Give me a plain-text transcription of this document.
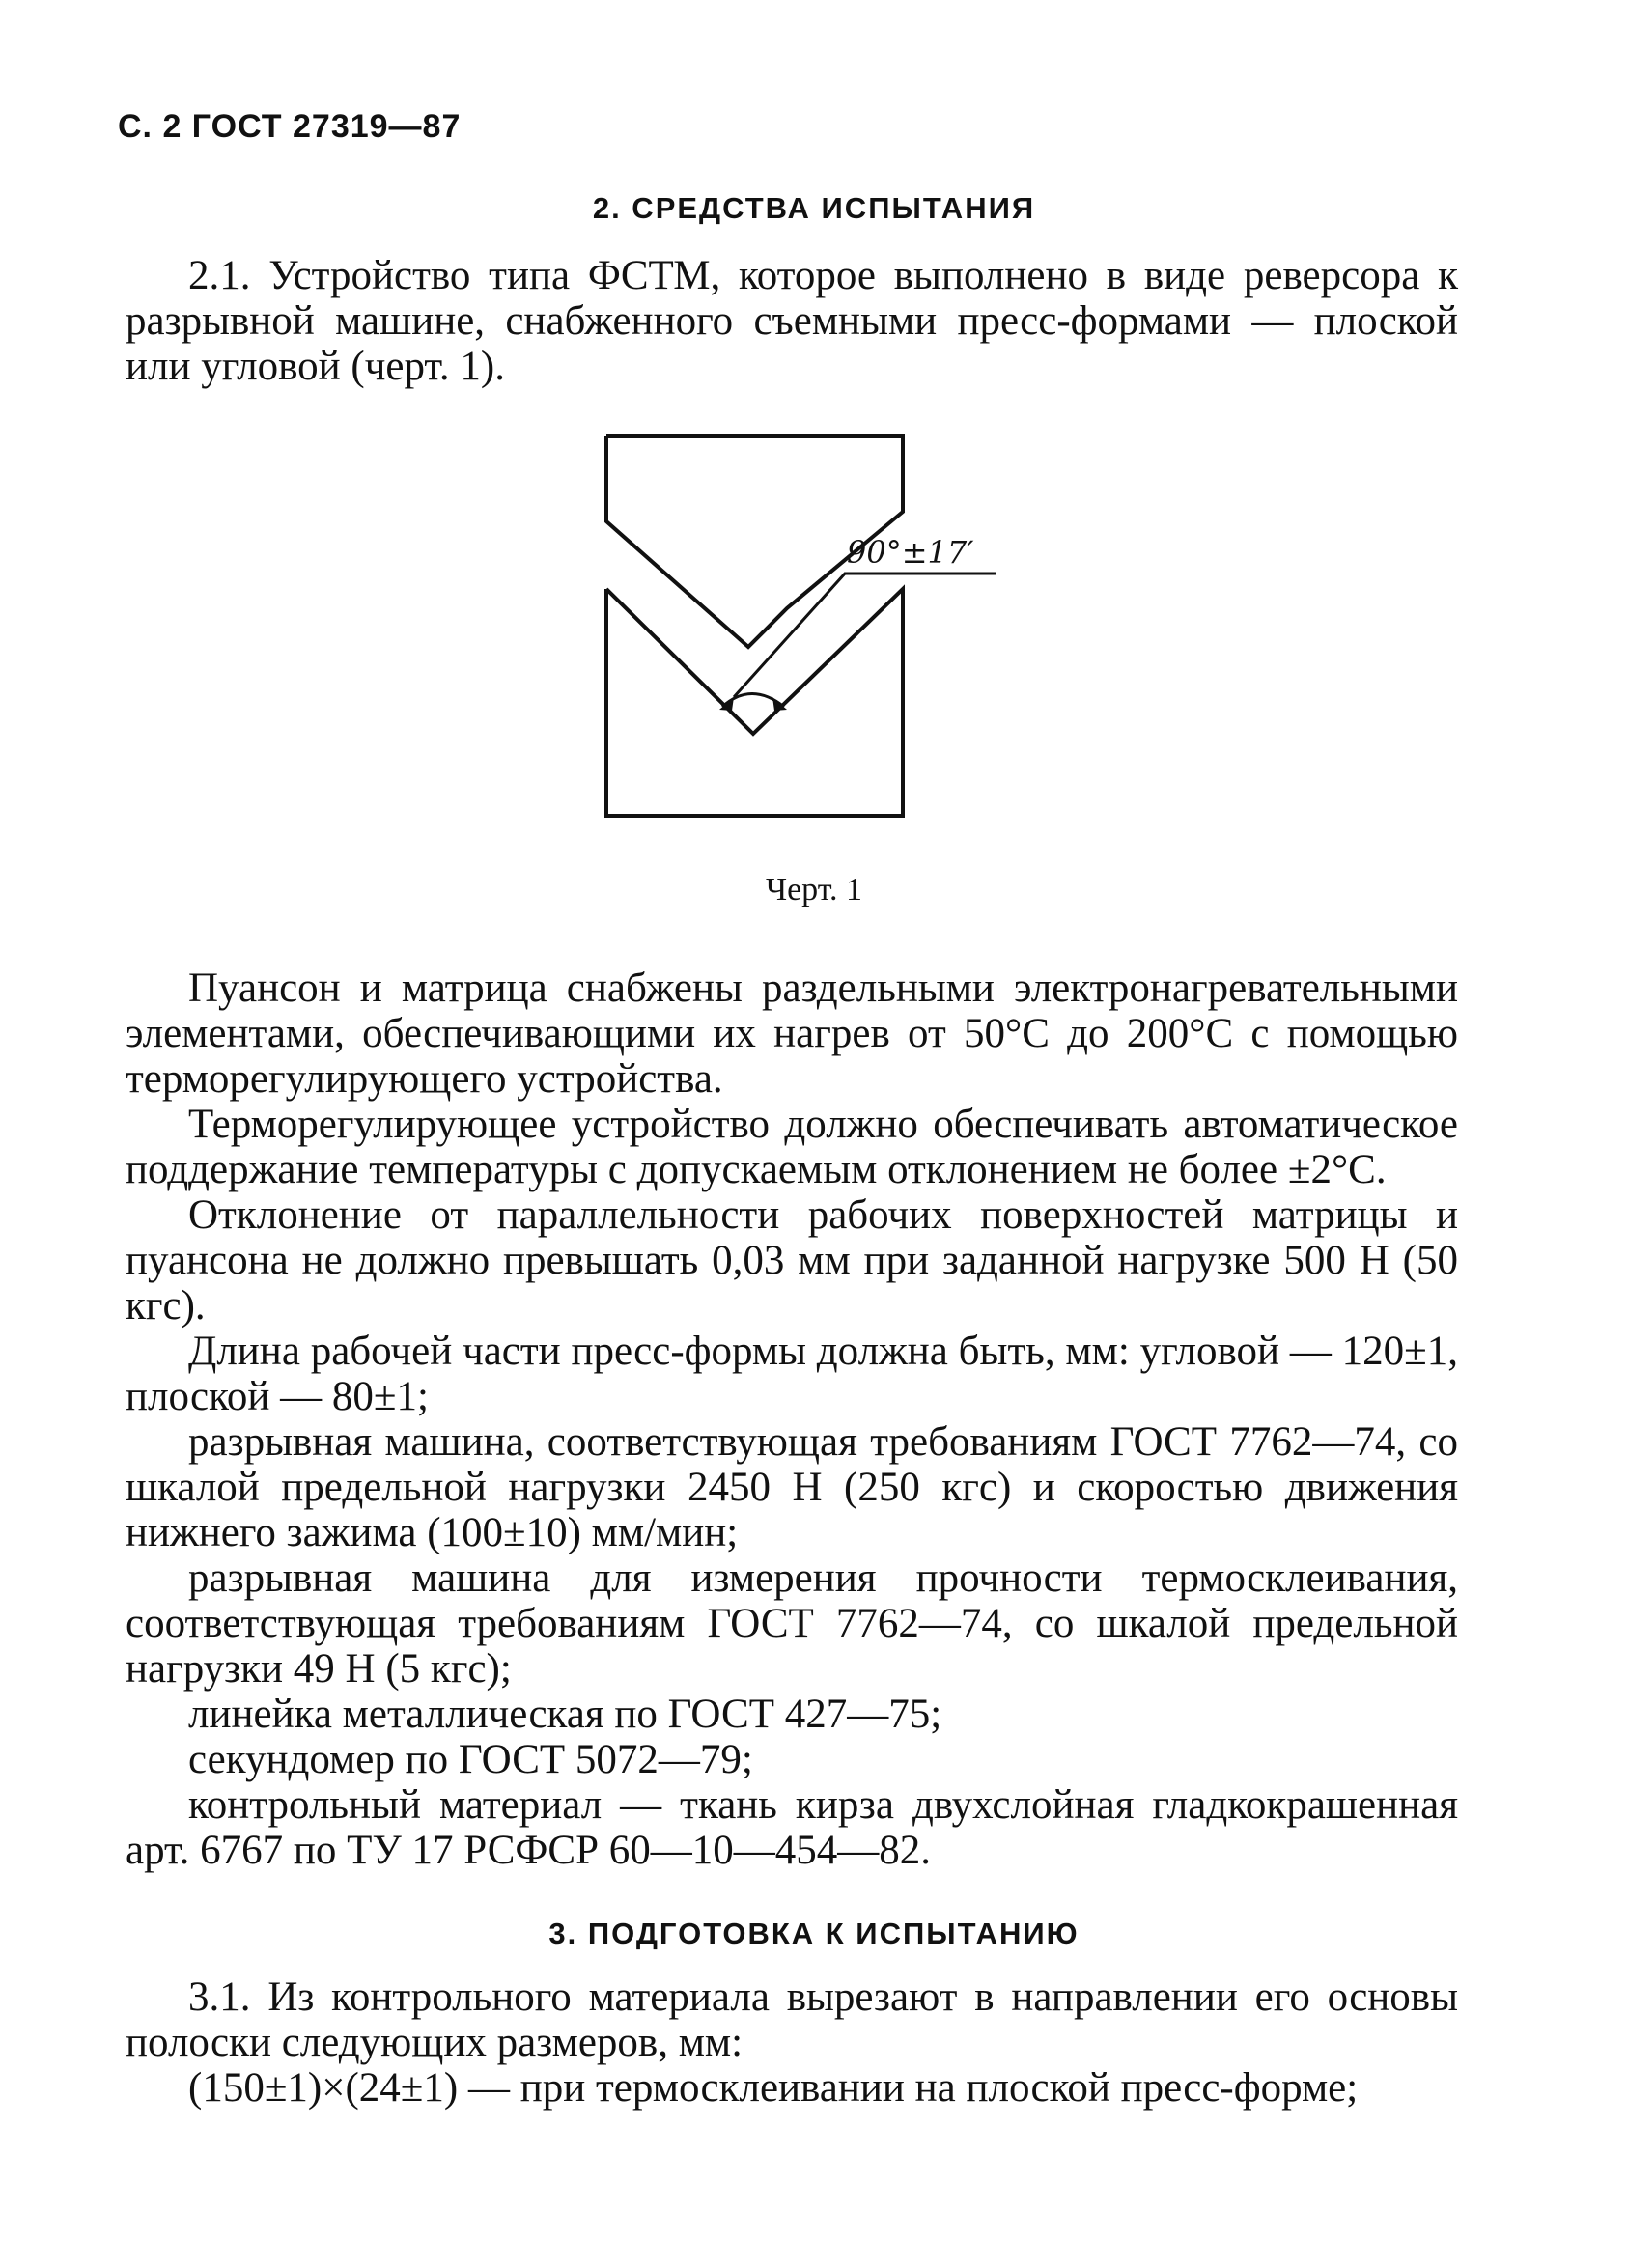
С. 2 ГОСТ 27319—87
2. СРЕДСТВА ИСПЫТАНИЯ

2.1. Устройство типа ФСТМ, которое выполнено в виде реверсора к разрывной машине, снабженного съемными пресс-формами — плоской или угловой (черт. 1).

90°±17′

Черт. 1

Пуансон и матрица снабжены раздельными электронагревательными элементами, обеспечивающими их нагрев от 50°С до 200°С с помощью терморегулирующего устройства.

Терморегулирующее устройство должно обеспечивать автоматическое поддержание температуры с допускаемым отклонением не более ±2°С.

Отклонение от параллельности рабочих поверхностей матрицы и пуансона не должно превышать 0,03 мм при заданной нагрузке 500 Н (50 кгс).

Длина рабочей части пресс-формы должна быть, мм: угловой — 120±1, плоской — 80±1;

разрывная машина, соответствующая требованиям ГОСТ 7762—74, со шкалой предельной нагрузки 2450 Н (250 кгс) и скоростью движения нижнего зажима (100±10) мм/мин;

разрывная машина для измерения прочности термосклеивания, соответствующая требованиям ГОСТ 7762—74, со шкалой предельной нагрузки 49 Н (5 кгс);

линейка металлическая по ГОСТ 427—75;

секундомер по ГОСТ 5072—79;

контрольный материал — ткань кирза двухслойная гладкокрашенная арт. 6767 по ТУ 17 РСФСР 60—10—454—82.

3. ПОДГОТОВКА К ИСПЫТАНИЮ

3.1. Из контрольного материала вырезают в направлении его основы полоски следующих размеров, мм:

(150±1)×(24±1) — при термосклеивании на плоской пресс-форме;
